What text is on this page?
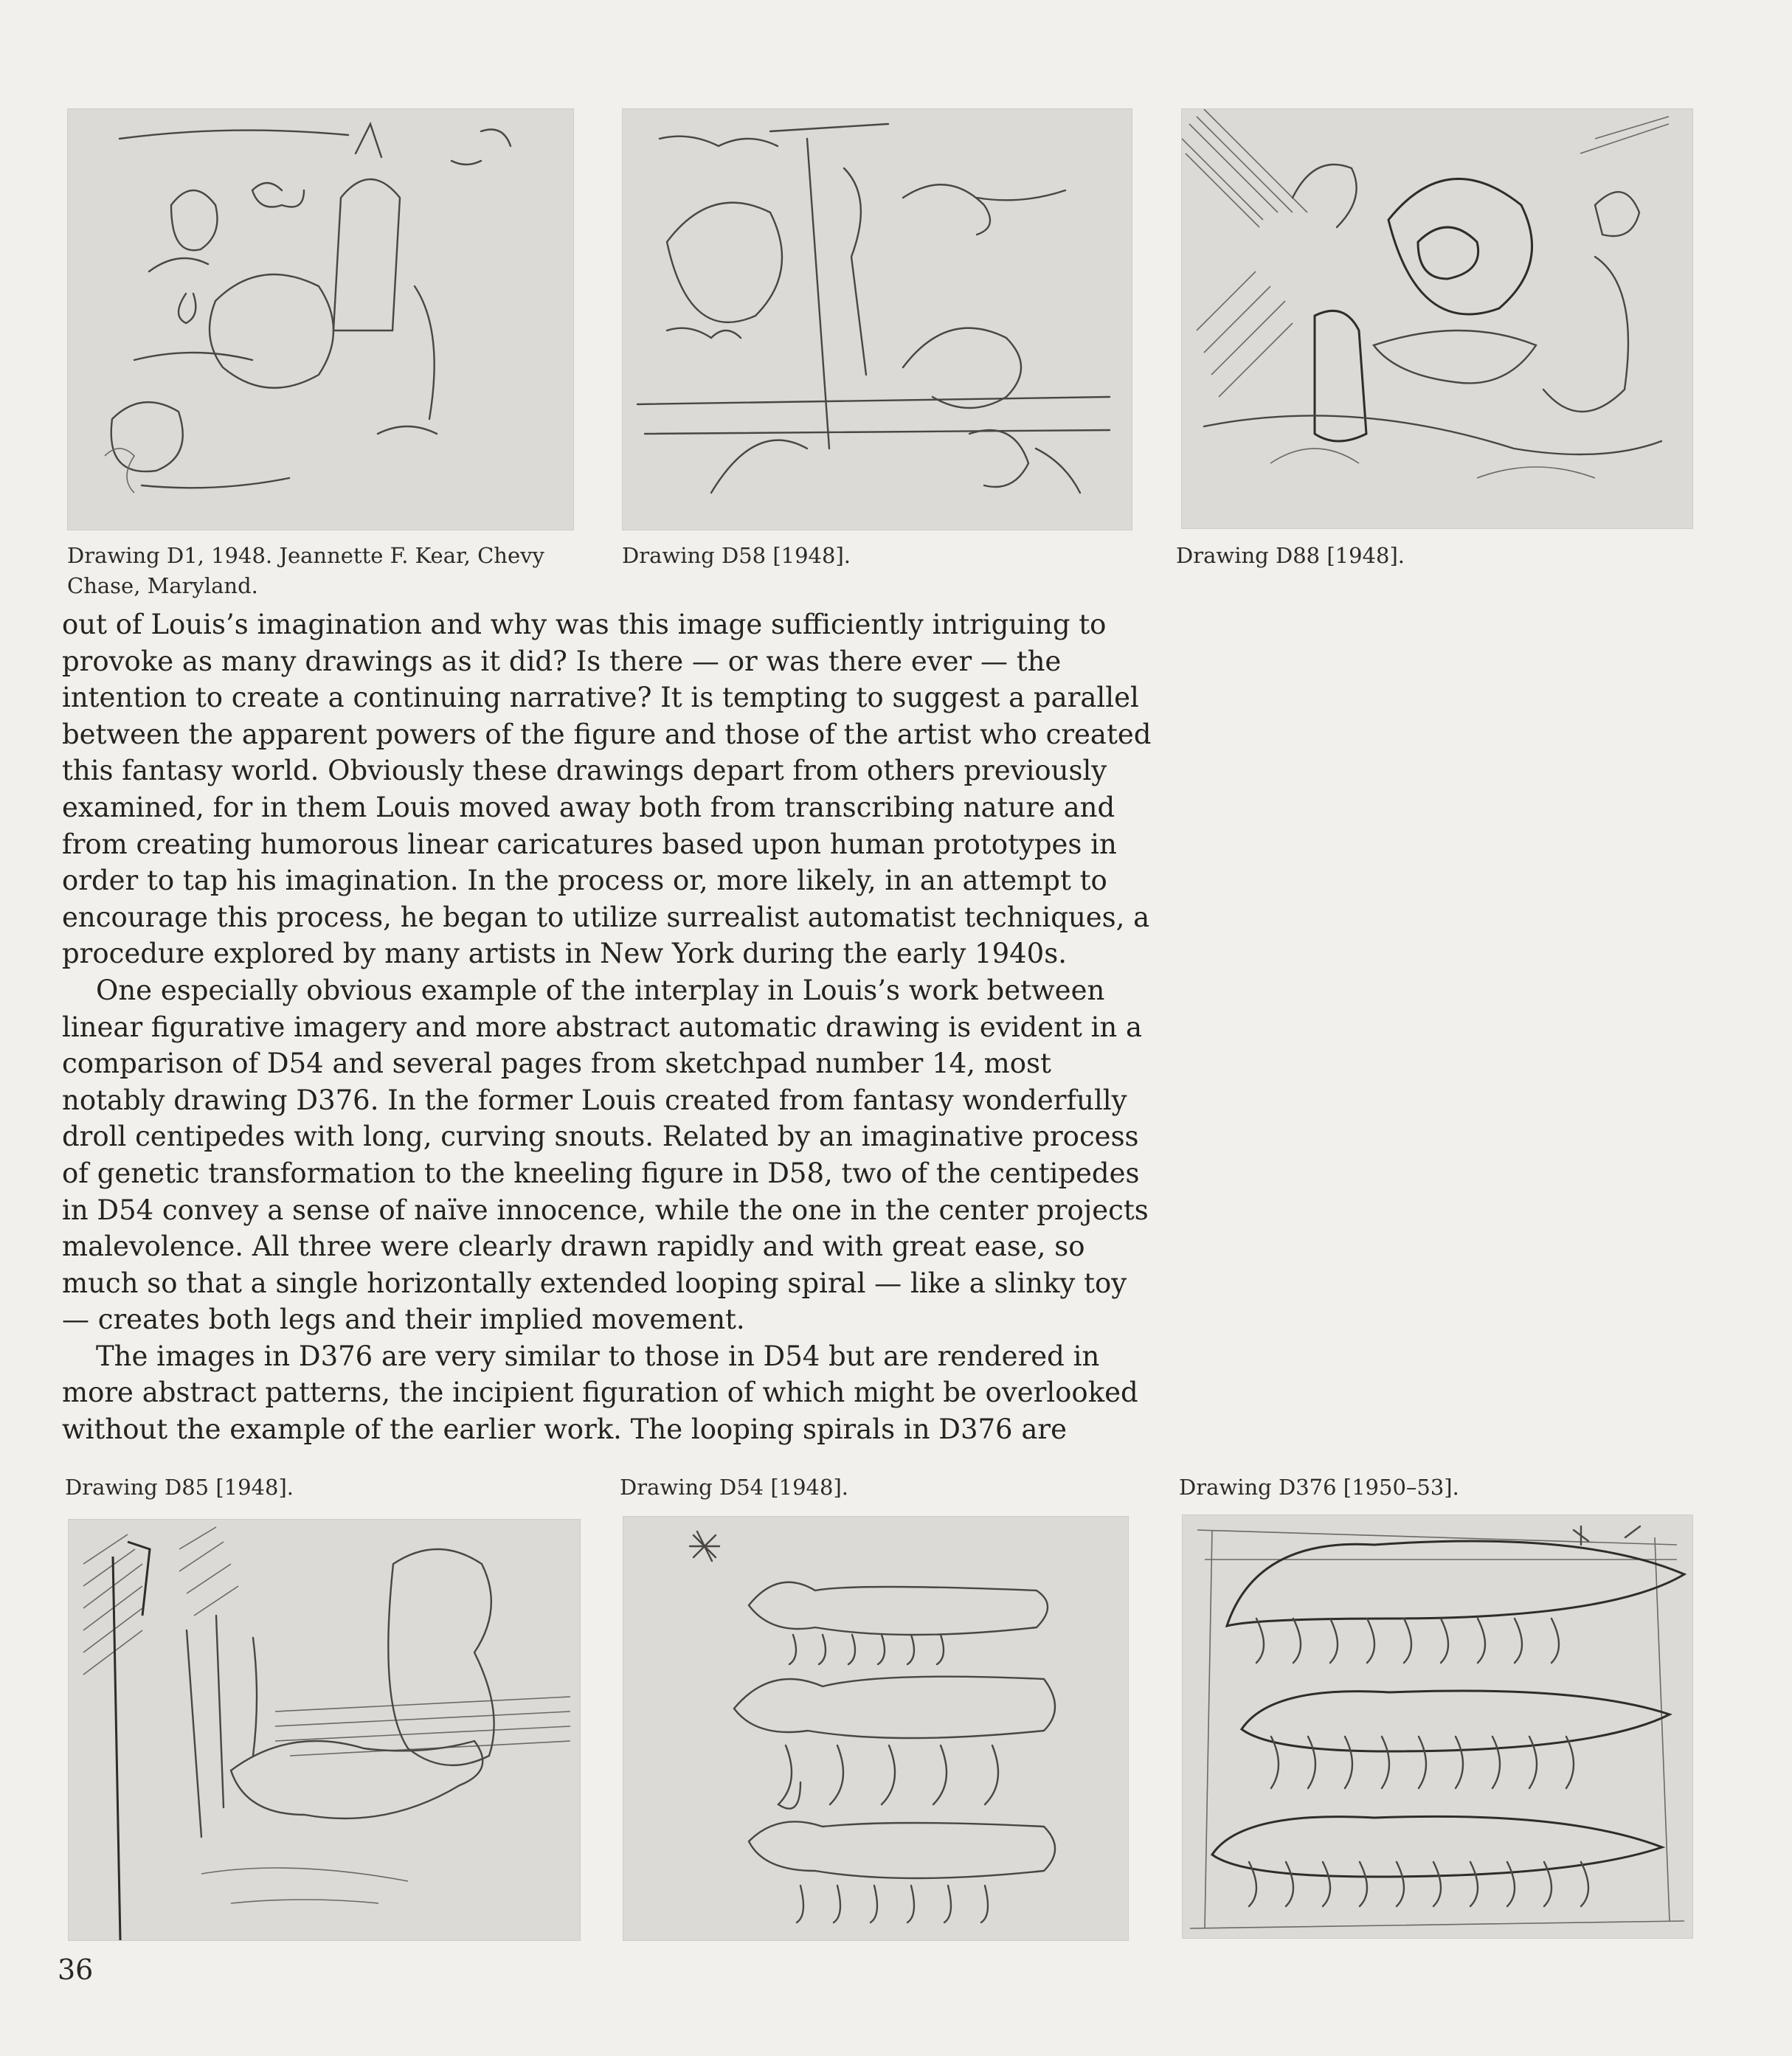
Drawing D1, 1948. Jeannette F. Kear, Chevy
Chase, Maryland.
Drawing D58 [1948].	Drawing D88 [1948].
out of Louis’s imagination and why was this image sufficiently intriguing to
provoke as many drawings as it did? Is there — or was there ever — the
intention to create a continuing narrative? It is tempting to suggest a parallel
between the apparent powers of the figure and those of the artist who created
this fantasy world. Obviously these drawings depart from others previously
examined, for in them Louis moved away both from transcribing nature and
from creating humorous linear caricatures based upon human prototypes in
order to tap his imagination. In the process or, more likely, in an attempt to
encourage this process, he began to utilize surrealist automatist techniques, a
procedure explored by many artists in New York during the early 1940s.
One especially obvious example of the interplay in Louis’s work between
linear figurative imagery and more abstract automatic drawing is evident in a
comparison of D54 and several pages from sketchpad number 14, most
notably drawing D376. In the former Louis created from fantasy wonderfully
droll centipedes with long, curving snouts. Related by an imaginative process
of genetic transformation to the kneeling figure in D58, two of the centipedes
in D54 convey a sense of naïve innocence, while the one in the center projects
malevolence. All three were clearly drawn rapidly and with great ease, so
much so that a single horizontally extended looping spiral — like a slinky toy
— creates both legs and their implied movement.
The images in D376 are very similar to those in D54 but are rendered in
more abstract patterns, the incipient figuration of which might be overlooked
without the example of the earlier work. The looping spirals in D376 are
Drawing D85 [1948].	Drawing D54 [1948].	Drawing D376 [1950–53].
36
